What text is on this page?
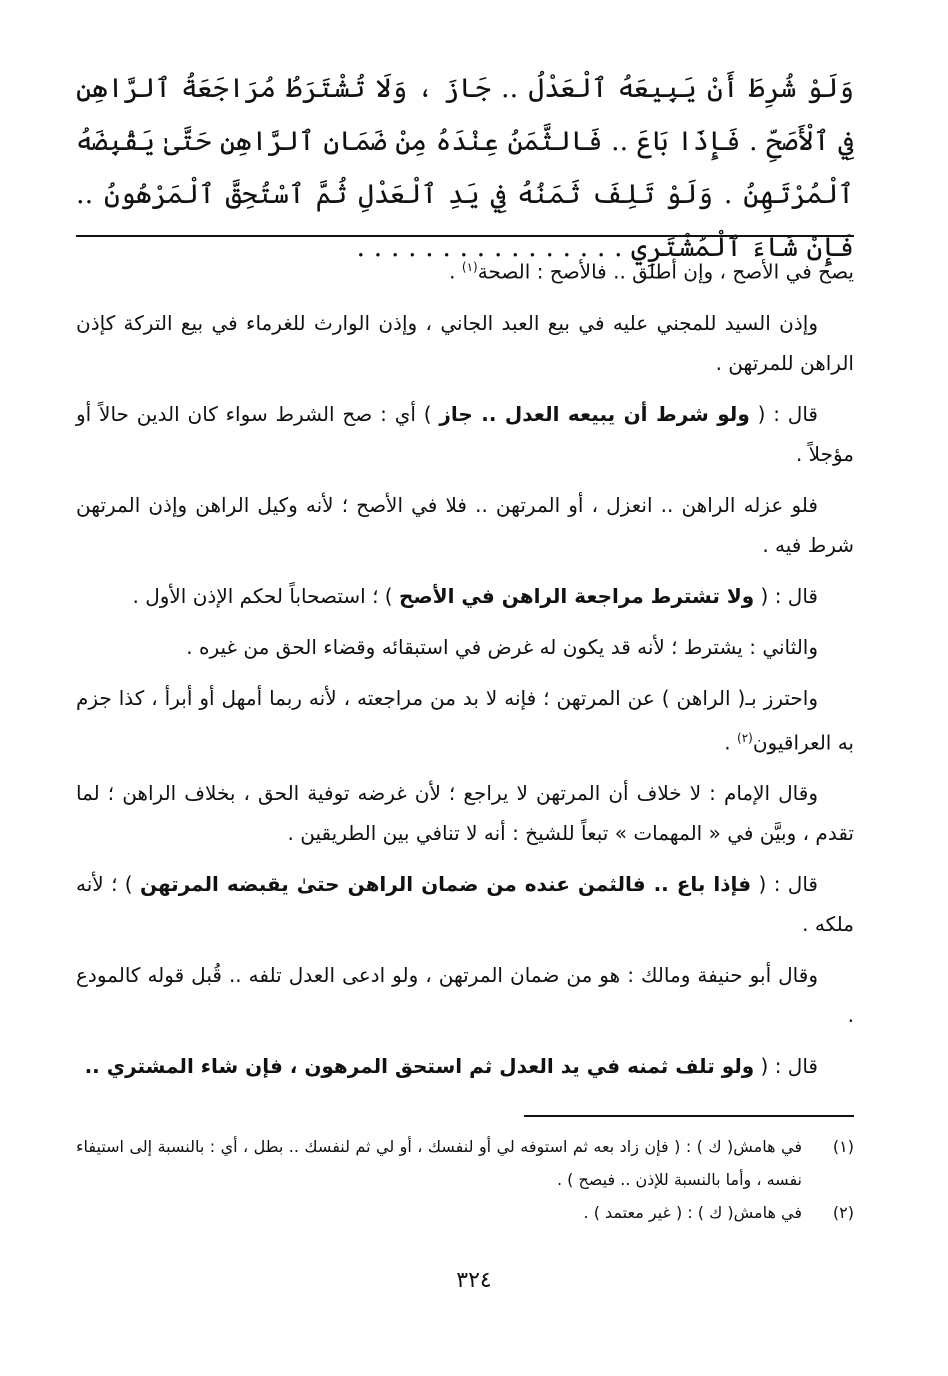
وَلَوْ شُرِطَ أَنْ يَبِيعَهُ ٱلْعَدْلُ .. جَازَ ، وَلَا تُشْتَرَطُ مُرَاجَعَةُ ٱلرَّاهِنِ فِي ٱلْأَصَحِّ . فَإِذَا بَاعَ .. فَالثَّمَنُ عِنْدَهُ مِنْ ضَمَانِ ٱلرَّاهِنِ حَتَّىٰ يَقْبِضَهُ ٱلْمُرْتَهِنُ . وَلَوْ تَلِفَ ثَمَنُهُ فِي يَدِ ٱلْعَدْلِ ثُمَّ ٱسْتُحِقَّ ٱلْمَرْهُونُ .. فَإِنْ شَاءَ ٱلْمُشْتَرِي . . . . . . . . . . . . . . . .

يصح في الأصح ، وإن أطلق .. فالأصح : الصحة$^{(١)}$ .

وإذن السيد للمجني عليه في بيع العبد الجاني ، وإذن الوارث للغرماء في بيع التركة كإذن الراهن للمرتهن .

قال : ( ولو شرط أن يبيعه العدل .. جاز ) أي : صح الشرط سواء كان الدين حالاً أو مؤجلاً .

فلو عزله الراهن .. انعزل ، أو المرتهن .. فلا في الأصح ؛ لأنه وكيل الراهن وإذن المرتهن شرط فيه .

قال : ( ولا تشترط مراجعة الراهن في الأصح ) ؛ استصحاباً لحكم الإذن الأول .

والثاني : يشترط ؛ لأنه قد يكون له غرض في استبقائه وقضاء الحق من غيره .

واحترز بـ( الراهن ) عن المرتهن ؛ فإنه لا بد من مراجعته ، لأنه ربما أمهل أو أبرأ ، كذا جزم به العراقيون$^{(٢)}$ .

وقال الإمام : لا خلاف أن المرتهن لا يراجع ؛ لأن غرضه توفية الحق ، بخلاف الراهن ؛ لما تقدم ، وبيَّن في « المهمات » تبعاً للشيخ : أنه لا تنافي بين الطريقين .

قال : ( فإذا باع .. فالثمن عنده من ضمان الراهن حتىٰ يقبضه المرتهن ) ؛ لأنه ملكه .

وقال أبو حنيفة ومالك : هو من ضمان المرتهن ، ولو ادعى العدل تلفه .. قُبل قوله كالمودع .

قال : ( ولو تلف ثمنه في يد العدل ثم استحق المرهون ، فإن شاء المشتري ..

(١)
في هامش( ك ) : ( فإن زاد بعه ثم استوفه لي أو لنفسك ، أو لي ثم لنفسك .. بطل ، أي : بالنسبة إلى استيفاء نفسه ، وأما بالنسبة للإذن .. فيصح ) .
(٢)
في هامش( ك ) : ( غير معتمد ) .
٣٢٤
